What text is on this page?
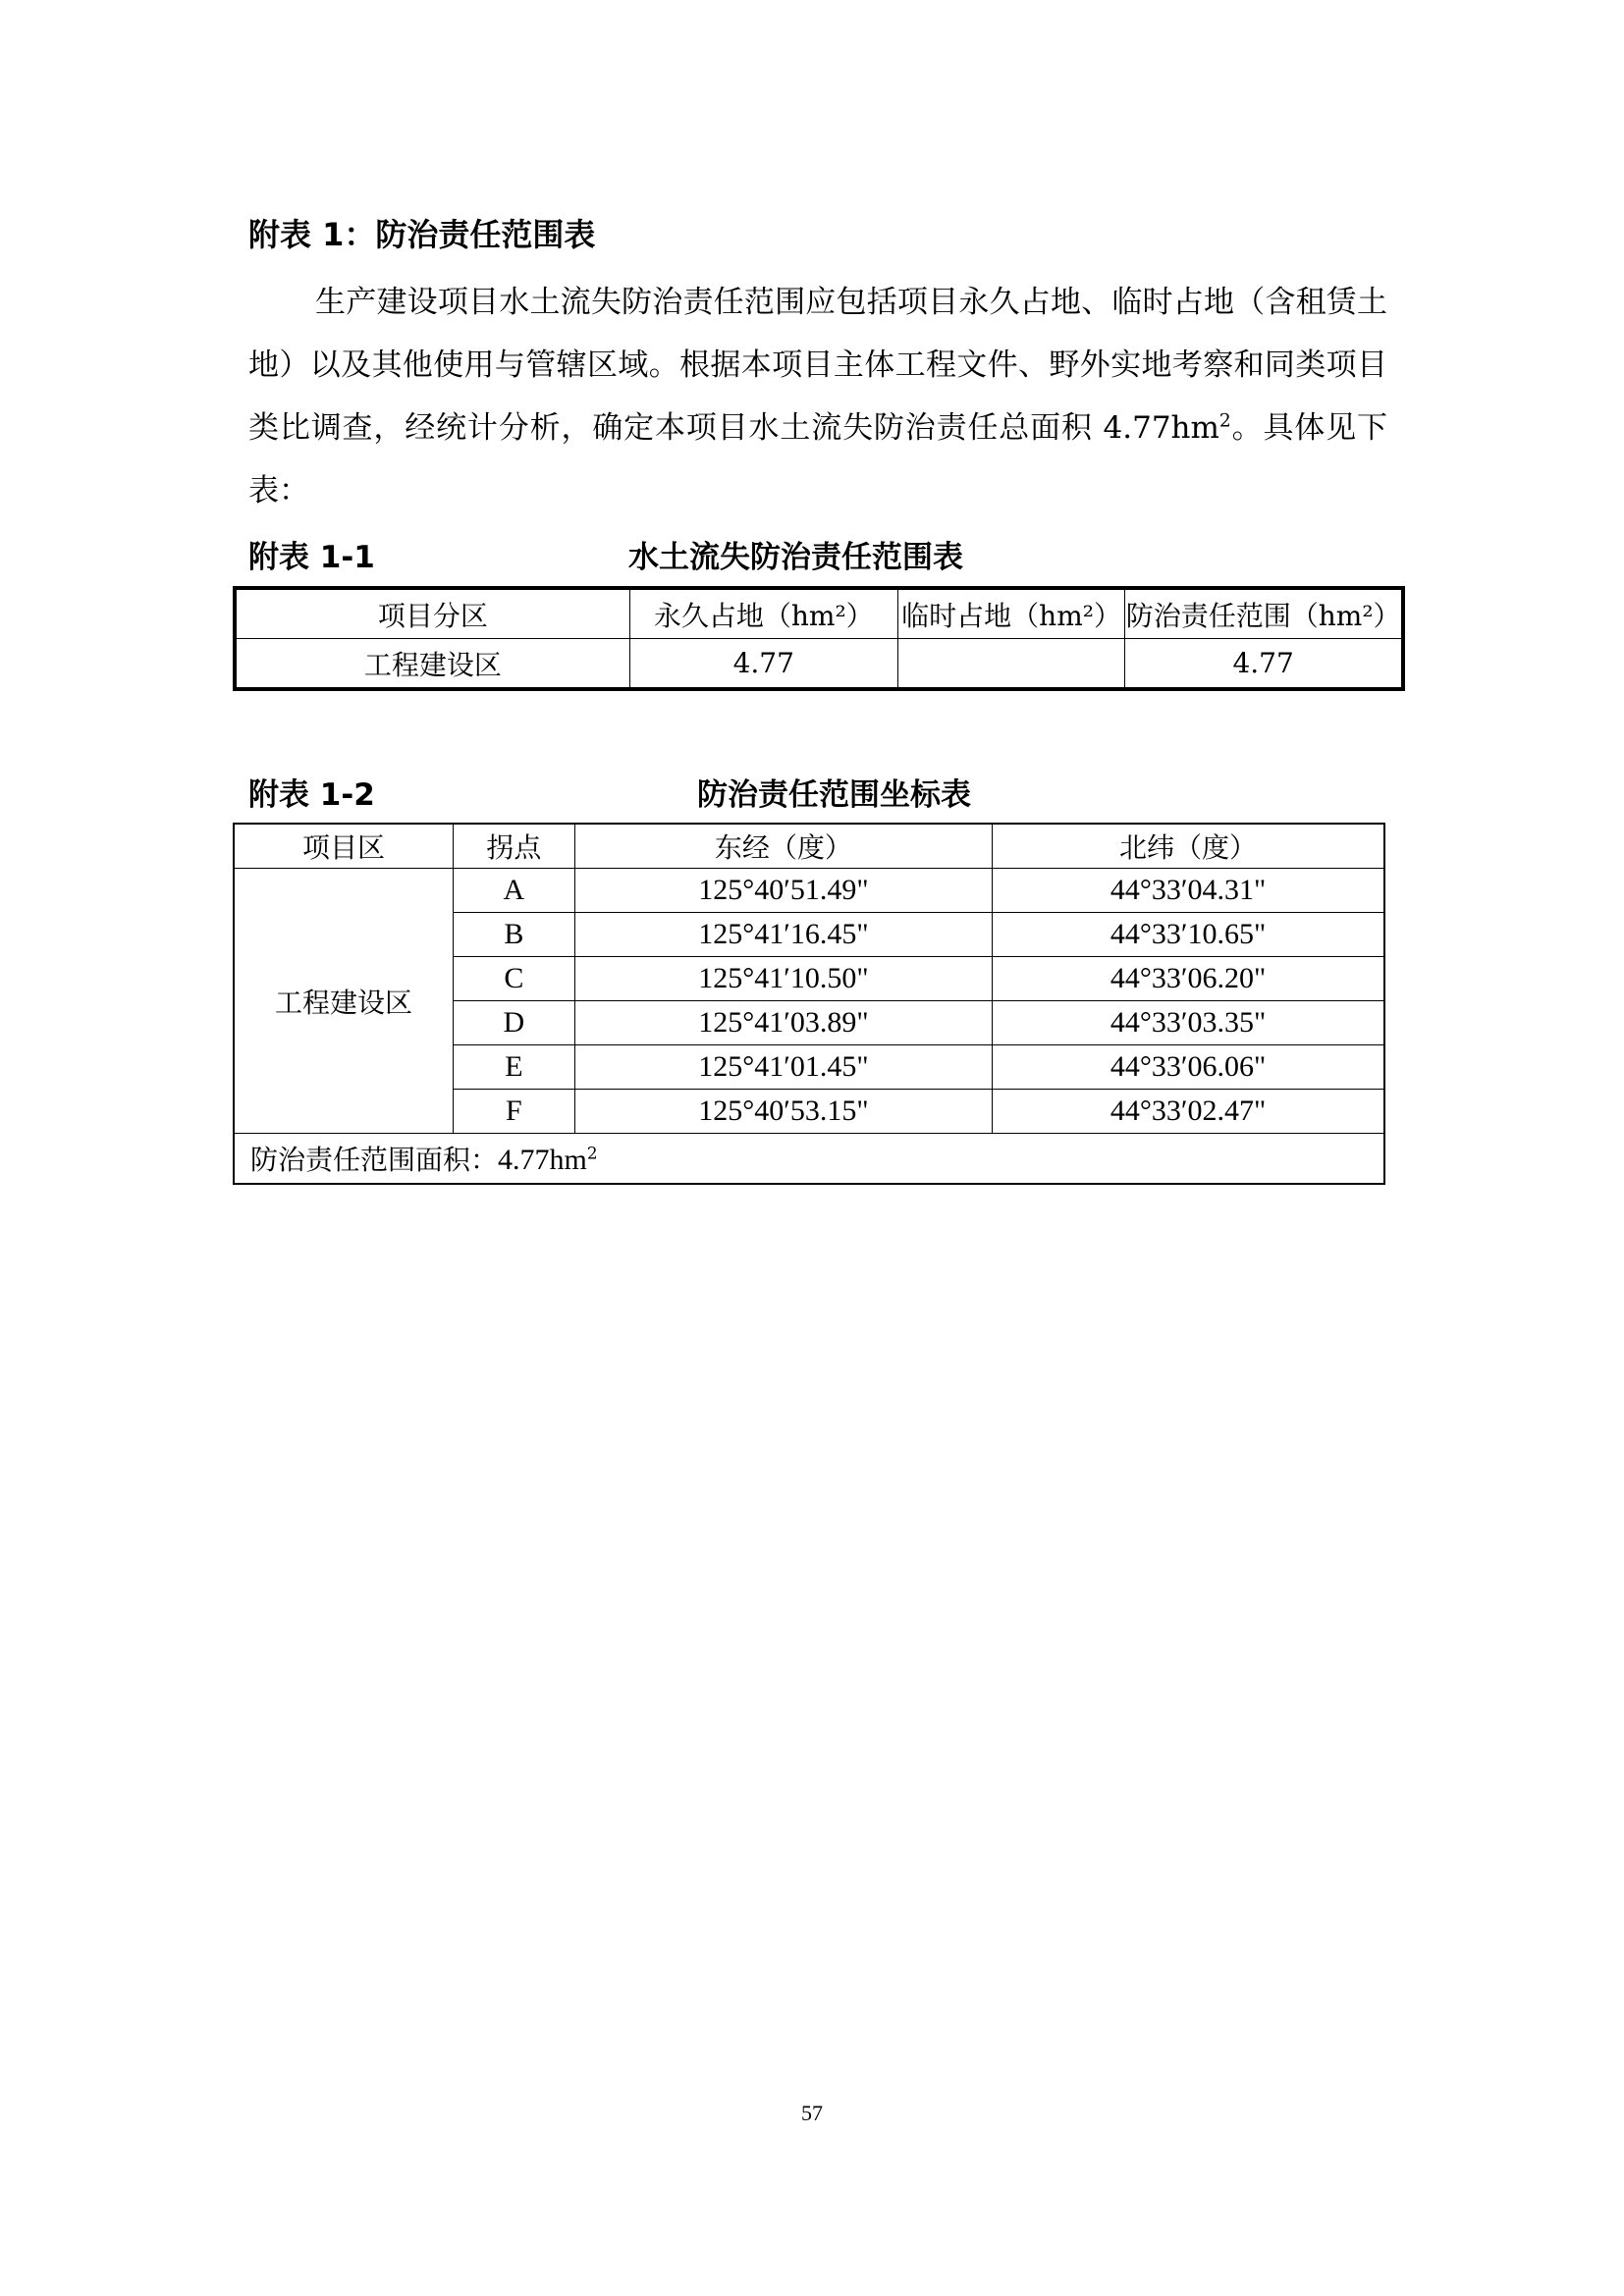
附表 1：防治责任范围表

生产建设项目水土流失防治责任范围应包括项目永久占地、临时占地（含租赁土地）以及其他使用与管辖区域。根据本项目主体工程文件、野外实地考察和同类项目类比调查，经统计分析，确定本项目水土流失防治责任总面积 $4.77hm^2$。具体见下表：

附表 1-1	水土流失防治责任范围表
项目分区	永久占地（hm²）	临时占地（hm²）	防治责任范围（hm²）
工程建设区	4.77		4.77
附表 1-2	防治责任范围坐标表
项目区	拐点	东经（度）	北纬（度）
工程建设区	A	125°40′51.49"	44°33′04.31"
	B	125°41′16.45"	44°33′10.65"
	C	125°41′10.50"	44°33′06.20"
	D	125°41′03.89"	44°33′03.35"
	E	125°41′01.45"	44°33′06.06"
	F	125°40′53.15"	44°33′02.47"
防治责任范围面积：$4.77hm^2$
57
